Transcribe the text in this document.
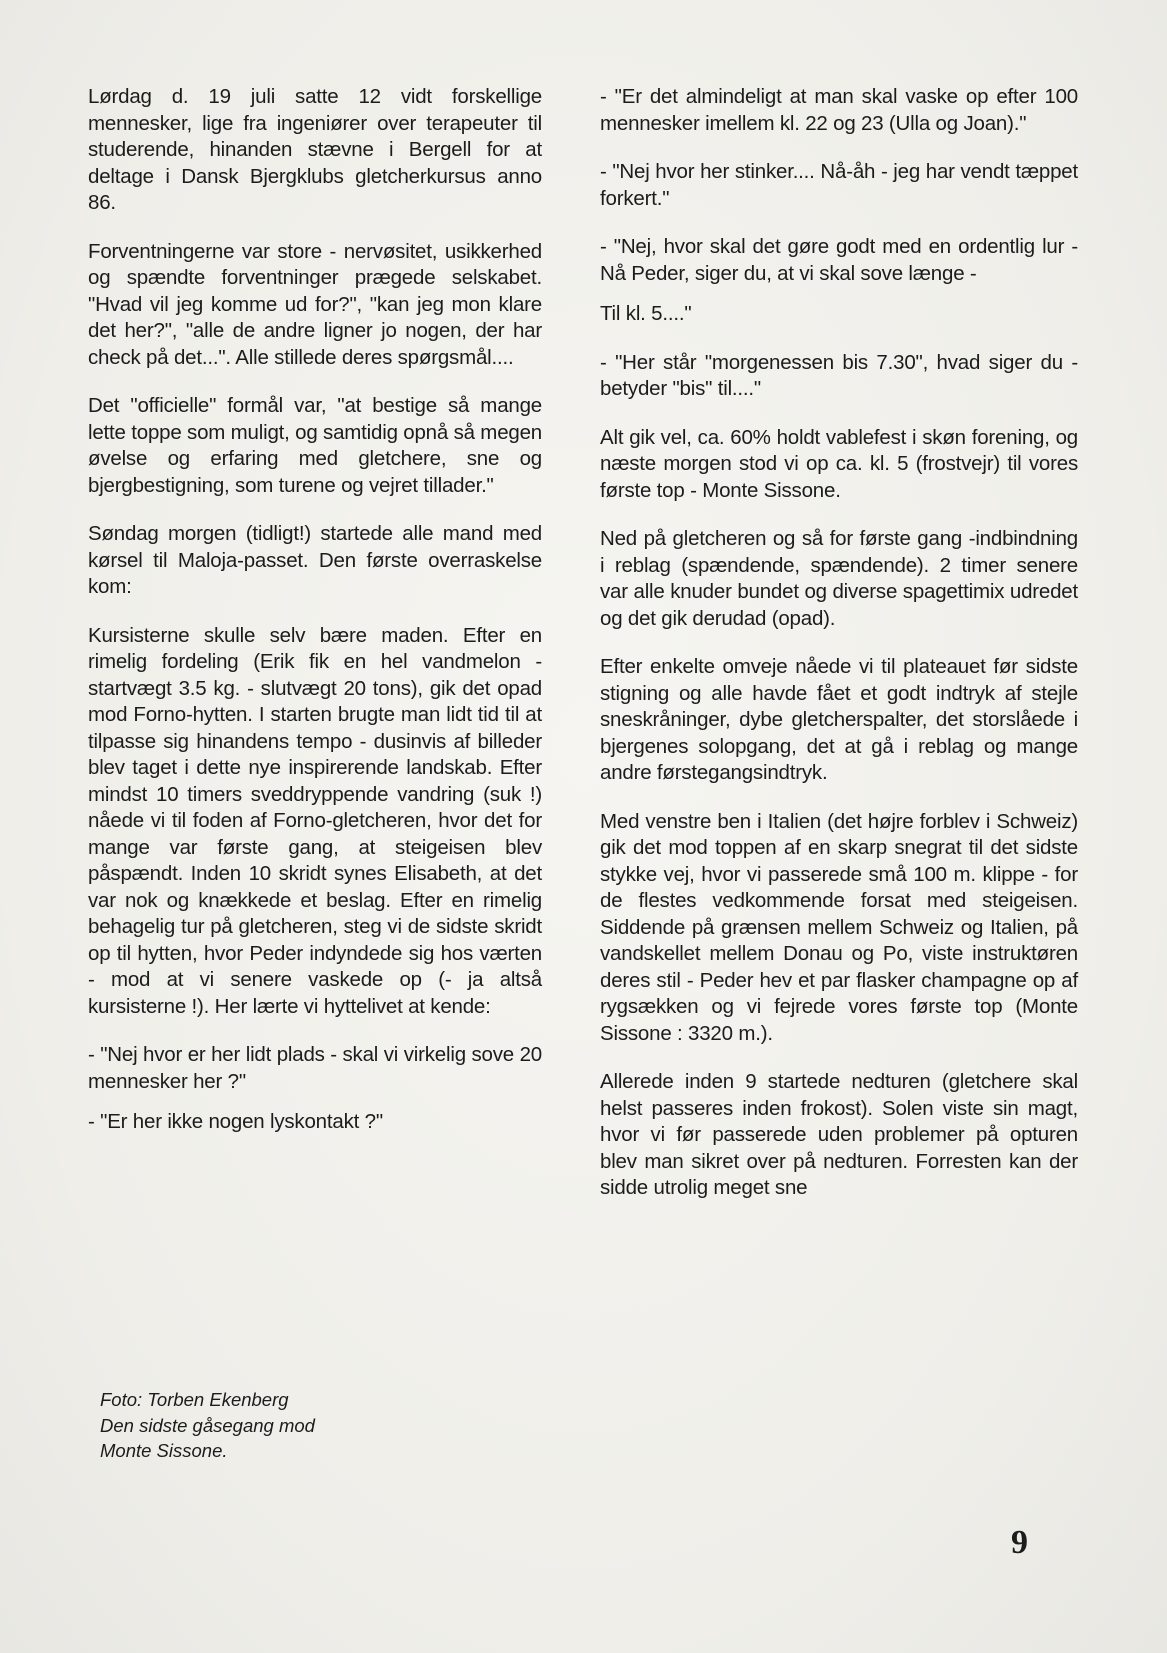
Lørdag d. 19 juli satte 12 vidt forskellige mennesker, lige fra ingeniører over terapeuter til studerende, hinanden stævne i Bergell for at deltage i Dansk Bjergklubs gletcherkursus anno 86.

Forventningerne var store - nervøsitet, usikkerhed og spændte forventninger prægede selskabet. "Hvad vil jeg komme ud for?", "kan jeg mon klare det her?", "alle de andre ligner jo nogen, der har check på det...". Alle stillede deres spørgsmål....

Det "officielle" formål var, "at bestige så mange lette toppe som muligt, og samtidig opnå så megen øvelse og erfaring med gletchere, sne og bjergbestigning, som turene og vejret tillader."

Søndag morgen (tidligt!) startede alle mand med kørsel til Maloja-passet. Den første overraskelse kom:

Kursisterne skulle selv bære maden. Efter en rimelig fordeling (Erik fik en hel vandmelon - startvægt 3.5 kg. - slutvægt 20 tons), gik det opad mod Forno-hytten. I starten brugte man lidt tid til at tilpasse sig hinandens tempo - dusinvis af billeder blev taget i dette nye inspirerende landskab. Efter mindst 10 timers sveddryppende vandring (suk !) nåede vi til foden af Forno-gletcheren, hvor det for mange var første gang, at steigeisen blev påspændt. Inden 10 skridt synes Elisabeth, at det var nok og knækkede et beslag. Efter en rimelig behagelig tur på gletcheren, steg vi de sidste skridt op til hytten, hvor Peder indyndede sig hos værten - mod at vi senere vaskede op (- ja altså kursisterne !). Her lærte vi hyttelivet at kende:

- "Nej hvor er her lidt plads - skal vi virkelig sove 20 mennesker her ?"

- "Er her ikke nogen lyskontakt ?"

- "Er det almindeligt at man skal vaske op efter 100 mennesker imellem kl. 22 og 23 (Ulla og Joan)."

- "Nej hvor her stinker.... Nå-åh - jeg har vendt tæppet forkert."

- "Nej, hvor skal det gøre godt med en ordentlig lur - Nå Peder, siger du, at vi skal sove længe -

Til kl. 5...."

- "Her står "morgenessen bis 7.30", hvad siger du - betyder "bis" til...."

Alt gik vel, ca. 60% holdt vablefest i skøn forening, og næste morgen stod vi op ca. kl. 5 (frostvejr) til vores første top - Monte Sissone.

Ned på gletcheren og så for første gang -indbindning i reblag (spændende, spændende). 2 timer senere var alle knuder bundet og diverse spagettimix udredet og det gik derudad (opad).

Efter enkelte omveje nåede vi til plateauet før sidste stigning og alle havde fået et godt indtryk af stejle sneskråninger, dybe gletcherspalter, det storslåede i bjergenes solopgang, det at gå i reblag og mange andre førstegangsindtryk.

Med venstre ben i Italien (det højre forblev i Schweiz) gik det mod toppen af en skarp snegrat til det sidste stykke vej, hvor vi passerede små 100 m. klippe - for de flestes vedkommende forsat med steigeisen. Siddende på grænsen mellem Schweiz og Italien, på vandskellet mellem Donau og Po, viste instruktøren deres stil - Peder hev et par flasker champagne op af rygsækken og vi fejrede vores første top (Monte Sissone : 3320 m.).

Allerede inden 9 startede nedturen (gletchere skal helst passeres inden frokost). Solen viste sin magt, hvor vi før passerede uden problemer på opturen blev man sikret over på nedturen. Forresten kan der sidde utrolig meget sne

Foto: Torben Ekenberg
Den sidste gåsegang mod
Monte Sissone.
9
